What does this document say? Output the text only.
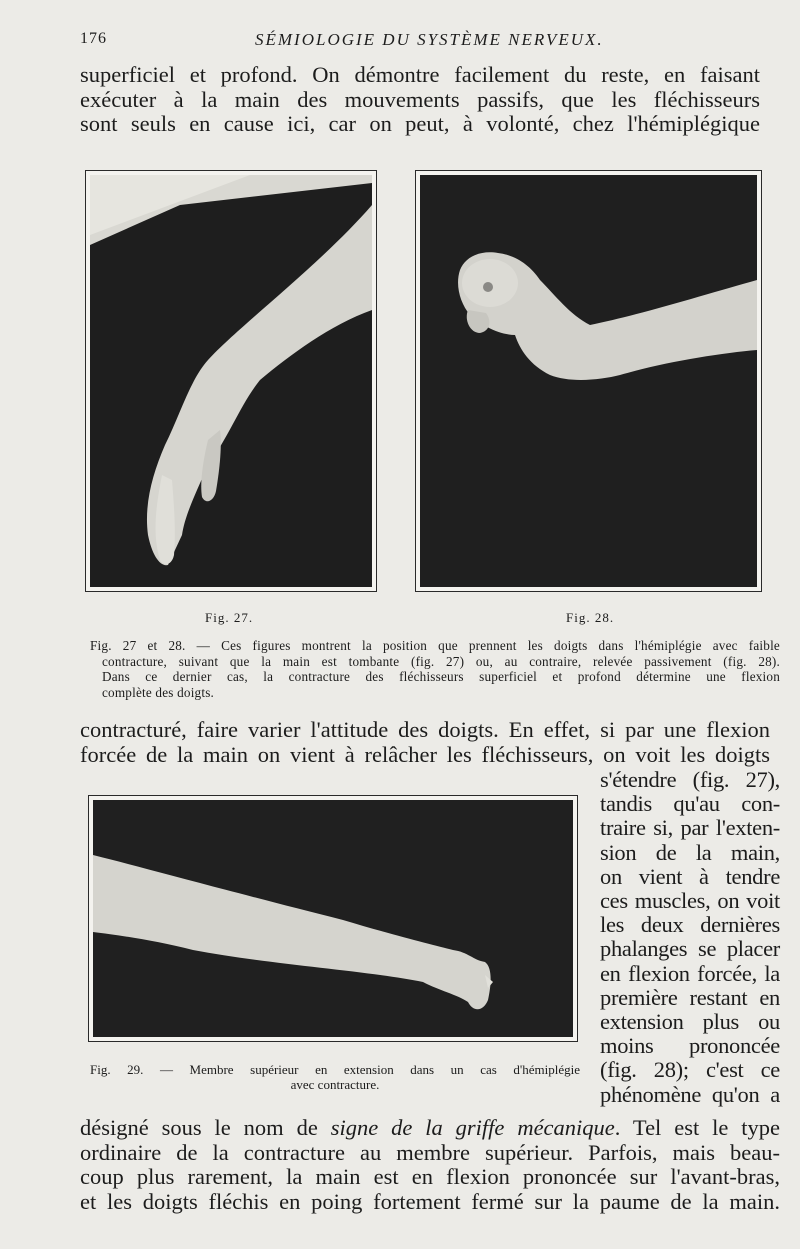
176	SÉMIOLOGIE DU SYSTÈME NERVEUX.

superficiel et profond. On démontre facilement du reste, en faisant
exécuter à la main des mouvements passifs, que les fléchisseurs
sont seuls en cause ici, car on peut, à volonté, chez l'hémiplégique

Fig. 27.	Fig. 28.

Fig. 27 et 28. — Ces figures montrent la position que prennent les doigts dans l'hémiplégie avec faible
contracture, suivant que la main est tombante (fig. 27) ou, au contraire, relevée passivement (fig. 28).
Dans ce dernier cas, la contracture des fléchisseurs superficiel et profond détermine une flexion
complète des doigts.

contracturé, faire varier l'attitude des doigts. En effet, si par une flexion
forcée de la main on vient à relâcher les fléchisseurs, on voit les doigts

Fig. 29. — Membre supérieur en extension dans un cas d'hémiplégie
avec contracture.

s'étendre (fig. 27),
tandis qu'au con-
traire si, par l'exten-
sion de la main,
on vient à tendre
ces muscles, on voit
les deux dernières
phalanges se placer
en flexion forcée, la
première restant en
extension plus ou
moins prononcée
(fig. 28); c'est ce
phénomène qu'on a

désigné sous le nom de signe de la griffe mécanique. Tel est le type
ordinaire de la contracture au membre supérieur. Parfois, mais beau-
coup plus rarement, la main est en flexion prononcée sur l'avant-bras,
et les doigts fléchis en poing fortement fermé sur la paume de la main.
